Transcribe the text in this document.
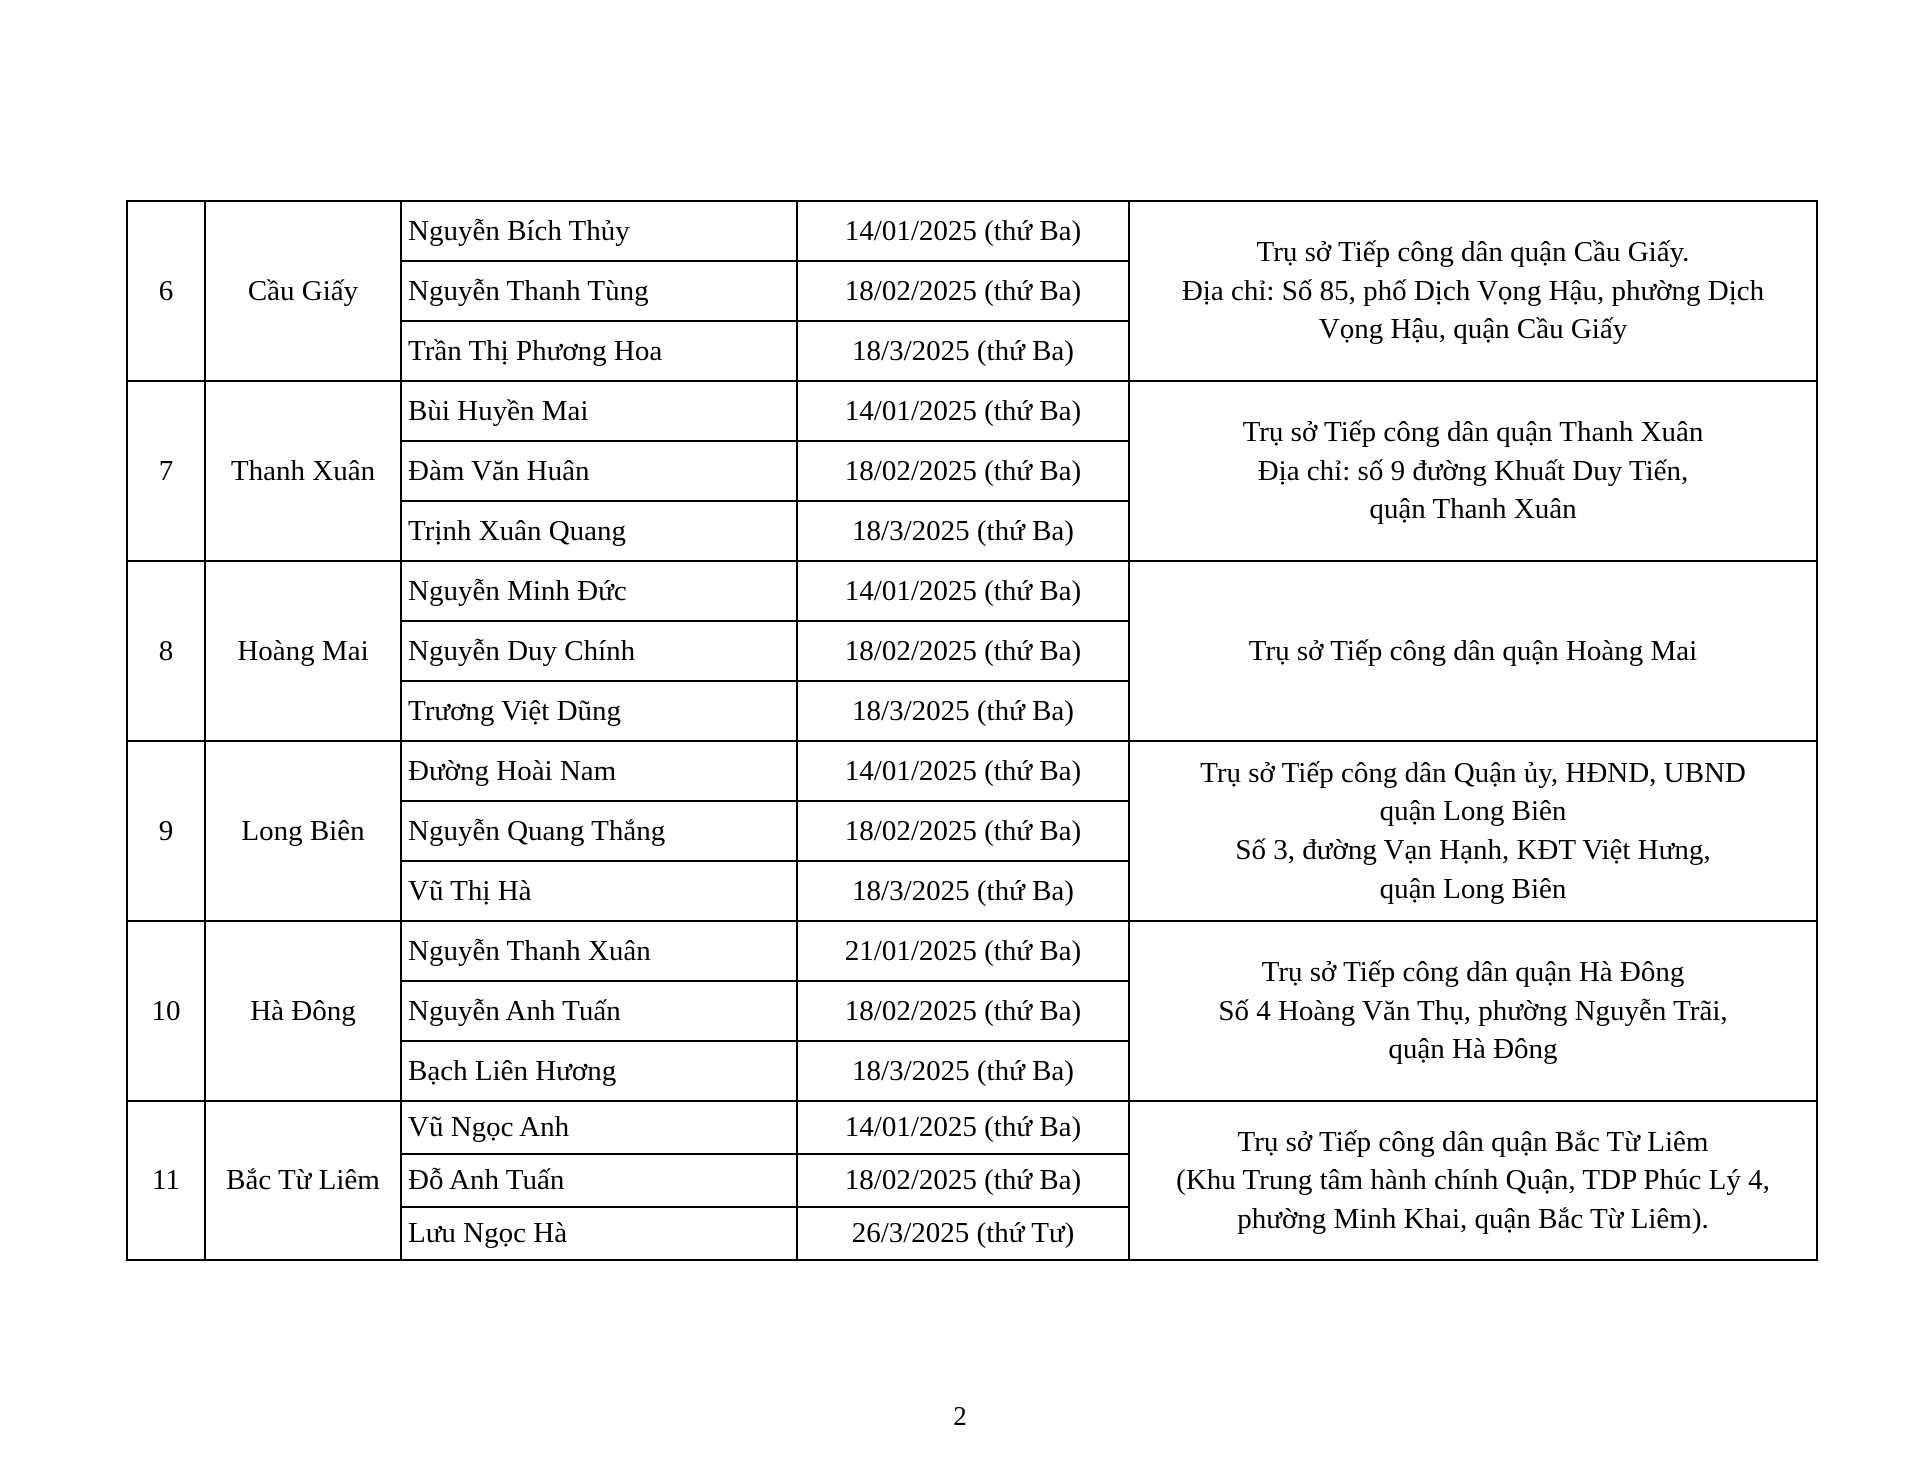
6	Cầu Giấy	Nguyễn Bích Thủy	14/01/2025 (thứ Ba)	Trụ sở Tiếp công dân quận Cầu Giấy.
Địa chỉ: Số 85, phố Dịch Vọng Hậu, phường Dịch
Vọng Hậu, quận Cầu Giấy

		Nguyễn Thanh Tùng	18/02/2025 (thứ Ba)	
		Trần Thị Phương Hoa	18/3/2025 (thứ Ba)	
7	Thanh Xuân	Bùi Huyền Mai	14/01/2025 (thứ Ba)	Trụ sở Tiếp công dân quận Thanh Xuân
Địa chỉ: số 9 đường Khuất Duy Tiến,
quận Thanh Xuân

		Đàm Văn Huân	18/02/2025 (thứ Ba)	
		Trịnh Xuân Quang	18/3/2025 (thứ Ba)	
8	Hoàng Mai	Nguyễn Minh Đức	14/01/2025 (thứ Ba)	Trụ sở Tiếp công dân quận Hoàng Mai

		Nguyễn Duy Chính	18/02/2025 (thứ Ba)	
		Trương Việt Dũng	18/3/2025 (thứ Ba)	
9	Long Biên	Đường Hoài Nam	14/01/2025 (thứ Ba)	Trụ sở Tiếp công dân Quận ủy, HĐND, UBND
quận Long Biên
Số 3, đường Vạn Hạnh, KĐT Việt Hưng,
quận Long Biên

		Nguyễn Quang Thắng	18/02/2025 (thứ Ba)	
		Vũ Thị Hà	18/3/2025 (thứ Ba)	
10	Hà Đông	Nguyễn Thanh Xuân	21/01/2025 (thứ Ba)	Trụ sở Tiếp công dân quận Hà Đông
Số 4 Hoàng Văn Thụ, phường Nguyễn Trãi,
quận Hà Đông

		Nguyễn Anh Tuấn	18/02/2025 (thứ Ba)	
		Bạch Liên Hương	18/3/2025 (thứ Ba)	
11	Bắc Từ Liêm	Vũ Ngọc Anh	14/01/2025 (thứ Ba)	Trụ sở Tiếp công dân quận Bắc Từ Liêm
(Khu Trung tâm hành chính Quận, TDP Phúc Lý 4,
phường Minh Khai, quận Bắc Từ Liêm).

		Đỗ Anh Tuấn	18/02/2025 (thứ Ba)	
		Lưu Ngọc Hà	26/3/2025 (thứ Tư)	
2
